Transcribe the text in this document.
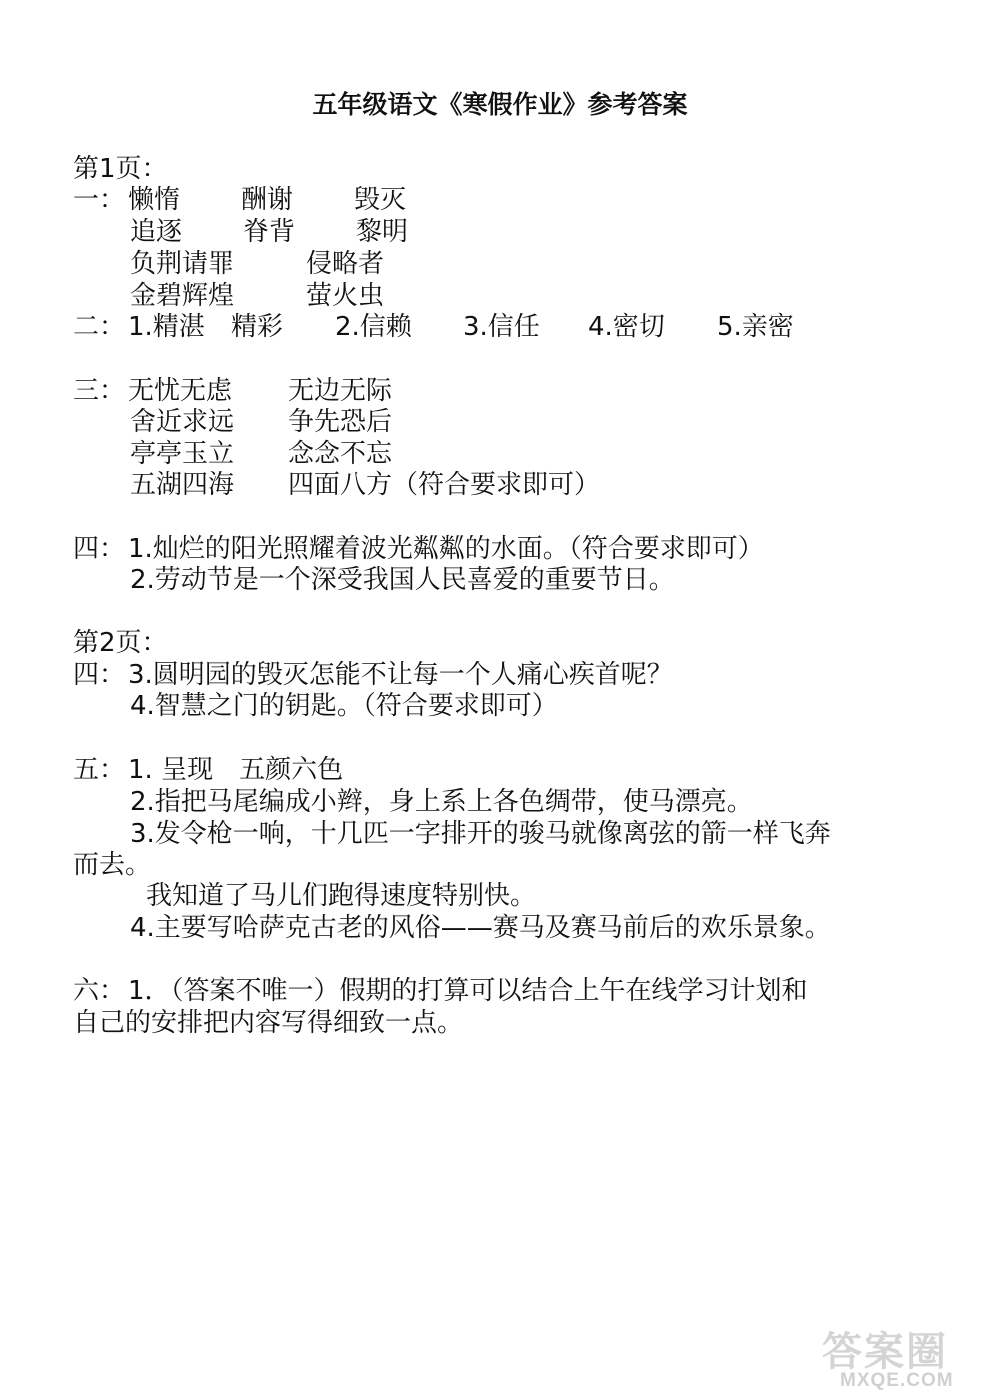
五年级语文《寒假作业》参考答案
第1页：
一： 懒惰 酬谢 毁灭
追逐 脊背 黎明
负荆请罪	侵略者
金碧辉煌	萤火虫
二： 1.精湛 精彩 2.信赖 3.信任 4.密切 5.亲密
三： 无忧无虑 无边无际
舍近求远 争先恐后
亭亭玉立 念念不忘
五湖四海 四面八方（符合要求即可）
四： 1.灿烂的阳光照耀着波光粼粼的水面。（符合要求即可）
2.劳动节是一个深受我国人民喜爱的重要节日。
第2页：
四： 3.圆明园的毁灭怎能不让每一个人痛心疾首呢？
4.智慧之门的钥匙。（符合要求即可）
五： 1. 呈现　五颜六色
2.指把马尾编成小辫，身上系上各色绸带，使马漂亮。
3.发令枪一响，十几匹一字排开的骏马就像离弦的箭一样飞奔
而去。
我知道了马儿们跑得速度特别快。
4.主要写哈萨克古老的风俗——赛马及赛马前后的欢乐景象。
六： 1．（答案不唯一）假期的打算可以结合上午在线学习计划和
自己的安排把内容写得细致一点。
答案圈
MXQE.COM
